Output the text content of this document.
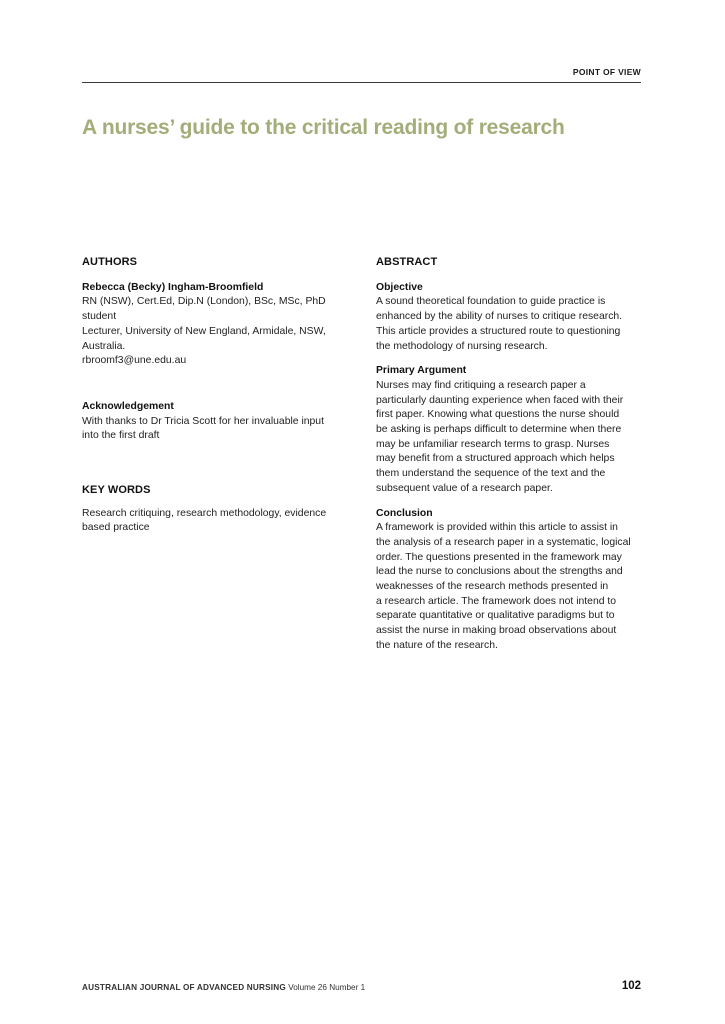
POINT OF VIEW
A nurses’ guide to the critical reading of research

AUTHORS

Rebecca (Becky) Ingham-Broomfield

RN (NSW), Cert.Ed, Dip.N (London), BSc, MSc, PhD

student

Lecturer, University of New England, Armidale, NSW,

Australia.

rbroomf3@une.edu.au

Acknowledgement

With thanks to Dr Tricia Scott for her invaluable input

into the first draft

KEY WORDS

Research critiquing, research methodology, evidence

based practice

ABSTRACT

Objective

A sound theoretical foundation to guide practice is

enhanced by the ability of nurses to critique research.

This article provides a structured route to questioning

the methodology of nursing research.

Primary Argument

Nurses may find critiquing a research paper a

particularly daunting experience when faced with their

first paper. Knowing what questions the nurse should

be asking is perhaps difficult to determine when there

may be unfamiliar research terms to grasp. Nurses

may benefit from a structured approach which helps

them understand the sequence of the text and the

subsequent value of a research paper.

Conclusion

A framework is provided within this article to assist in

the analysis of a research paper in a systematic, logical

order. The questions presented in the framework may

lead the nurse to conclusions about the strengths and

weaknesses of the research methods presented in

a research article. The framework does not intend to

separate quantitative or qualitative paradigms but to

assist the nurse in making broad observations about

the nature of the research.

AUSTRALIAN JOURNAL OF ADVANCED NURSING Volume 26 Number 1	102
